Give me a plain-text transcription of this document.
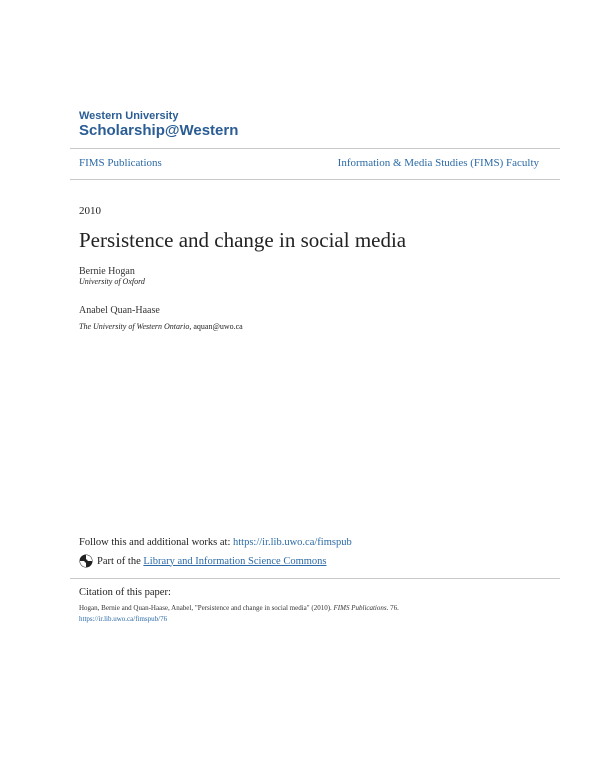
Western University
Scholarship@Western
FIMS Publications	Information & Media Studies (FIMS) Faculty
2010
Persistence and change in social media
Bernie Hogan
University of Oxford
Anabel Quan-Haase
The University of Western Ontario, aquan@uwo.ca
Follow this and additional works at: https://ir.lib.uwo.ca/fimspub
Part of the
Library and Information Science Commons
Citation of this paper:
Hogan, Bernie and Quan-Haase, Anabel, "Persistence and change in social media" (2010). FIMS Publications. 76.
https://ir.lib.uwo.ca/fimspub/76
